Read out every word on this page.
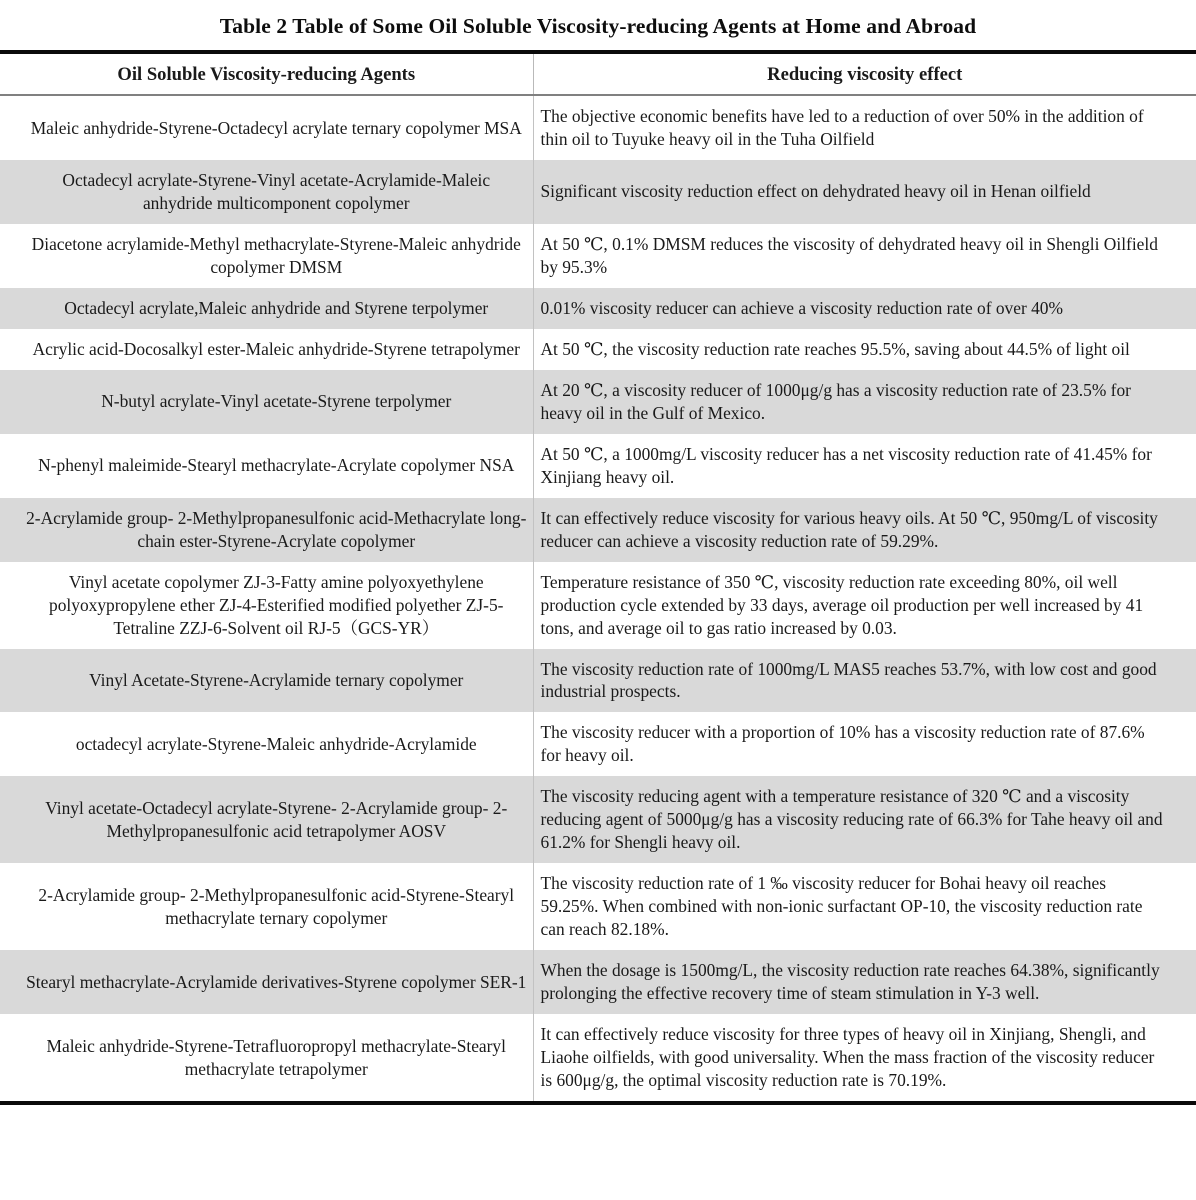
Table 2 Table of Some Oil Soluble Viscosity-reducing Agents at Home and Abroad
Oil Soluble Viscosity-reducing Agents	Reducing viscosity effect
Maleic anhydride-Styrene-Octadecyl acrylate ternary copolymer MSA	The objective economic benefits have led to a reduction of over 50% in the addition of thin oil to Tuyuke heavy oil in the Tuha Oilfield
Octadecyl acrylate-Styrene-Vinyl acetate-Acrylamide-Maleic anhydride multicomponent copolymer	Significant viscosity reduction effect on dehydrated heavy oil in Henan oilfield
Diacetone acrylamide-Methyl methacrylate-Styrene-Maleic anhydride copolymer DMSM	At 50 ℃, 0.1% DMSM reduces the viscosity of dehydrated heavy oil in Shengli Oilfield by 95.3%
Octadecyl acrylate,Maleic anhydride and Styrene terpolymer	0.01% viscosity reducer can achieve a viscosity reduction rate of over 40%
Acrylic acid-Docosalkyl ester-Maleic anhydride-Styrene tetrapolymer	At 50 ℃, the viscosity reduction rate reaches 95.5%, saving about 44.5% of light oil
N-butyl acrylate-Vinyl acetate-Styrene terpolymer	At 20 ℃, a viscosity reducer of 1000μg/g has a viscosity reduction rate of 23.5% for heavy oil in the Gulf of Mexico.
N-phenyl maleimide-Stearyl methacrylate-Acrylate copolymer NSA	At 50 ℃, a 1000mg/L viscosity reducer has a net viscosity reduction rate of 41.45% for Xinjiang heavy oil.
2-Acrylamide group- 2-Methylpropanesulfonic acid-Methacrylate long-chain ester-Styrene-Acrylate copolymer	It can effectively reduce viscosity for various heavy oils. At 50 ℃, 950mg/L of viscosity reducer can achieve a viscosity reduction rate of 59.29%.
Vinyl acetate copolymer ZJ-3-Fatty amine polyoxyethylene polyoxypropylene ether ZJ-4-Esterified modified polyether ZJ-5-Tetraline ZZJ-6-Solvent oil RJ-5（GCS-YR）	Temperature resistance of 350 ℃, viscosity reduction rate exceeding 80%, oil well production cycle extended by 33 days, average oil production per well increased by 41 tons, and average oil to gas ratio increased by 0.03.
Vinyl Acetate-Styrene-Acrylamide ternary copolymer	The viscosity reduction rate of 1000mg/L MAS5 reaches 53.7%, with low cost and good industrial prospects.
octadecyl acrylate-Styrene-Maleic anhydride-Acrylamide	The viscosity reducer with a proportion of 10% has a viscosity reduction rate of 87.6% for heavy oil.
Vinyl acetate-Octadecyl acrylate-Styrene- 2-Acrylamide group- 2-Methylpropanesulfonic acid tetrapolymer AOSV	The viscosity reducing agent with a temperature resistance of 320 ℃ and a viscosity reducing agent of 5000μg/g has a viscosity reducing rate of 66.3% for Tahe heavy oil and 61.2% for Shengli heavy oil.
2-Acrylamide group- 2-Methylpropanesulfonic acid-Styrene-Stearyl methacrylate ternary copolymer	The viscosity reduction rate of 1 ‰ viscosity reducer for Bohai heavy oil reaches 59.25%. When combined with non-ionic surfactant OP-10, the viscosity reduction rate can reach 82.18%.
Stearyl methacrylate-Acrylamide derivatives-Styrene copolymer SER-1	When the dosage is 1500mg/L, the viscosity reduction rate reaches 64.38%, significantly prolonging the effective recovery time of steam stimulation in Y-3 well.
Maleic anhydride-Styrene-Tetrafluoropropyl methacrylate-Stearyl methacrylate tetrapolymer	It can effectively reduce viscosity for three types of heavy oil in Xinjiang, Shengli, and Liaohe oilfields, with good universality. When the mass fraction of the viscosity reducer is 600μg/g, the optimal viscosity reduction rate is 70.19%.
